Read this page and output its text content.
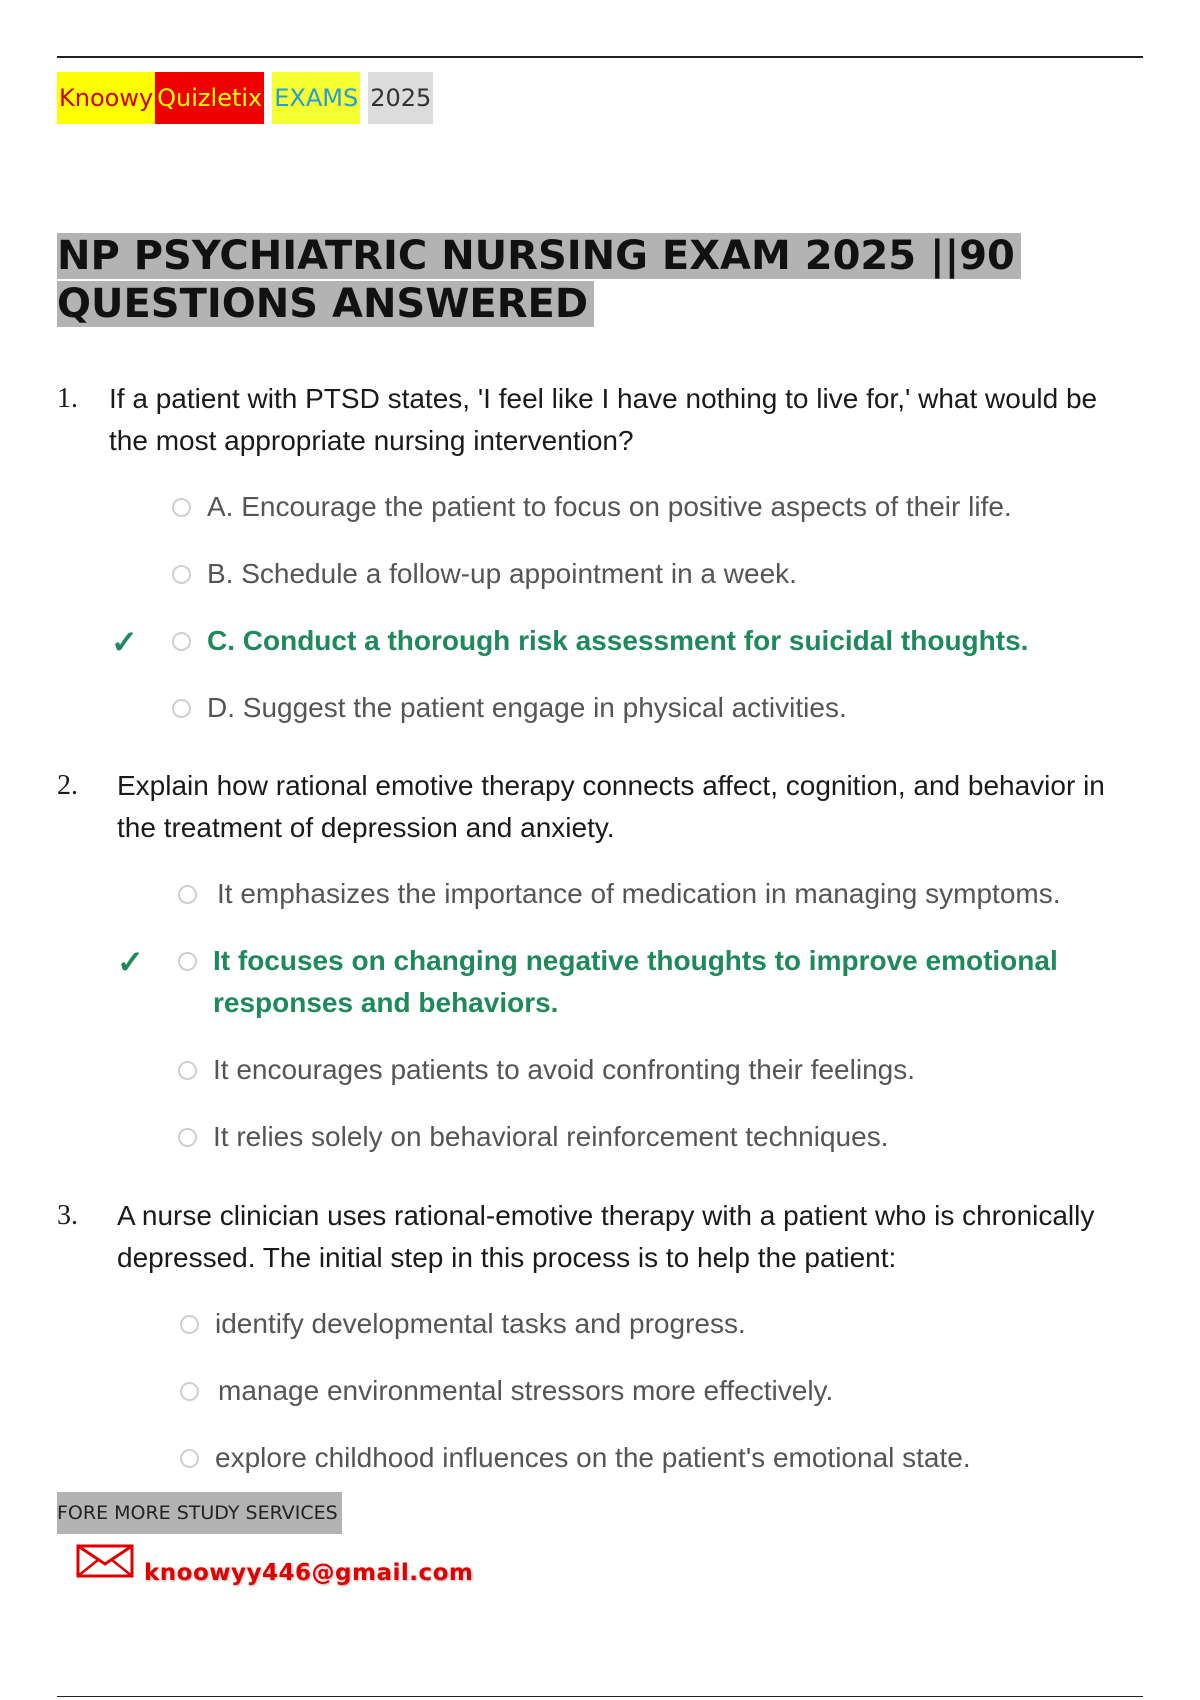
Knoowy Quizletix EXAMS 2025
NP PSYCHIATRIC NURSING EXAM 2025 ||90 QUESTIONS ANSWERED
1. If a patient with PTSD states, 'I feel like I have nothing to live for,' what would be the most appropriate nursing intervention?
A. Encourage the patient to focus on positive aspects of their life.
B. Schedule a follow-up appointment in a week.
✓ C. Conduct a thorough risk assessment for suicidal thoughts.
D. Suggest the patient engage in physical activities.
2. Explain how rational emotive therapy connects affect, cognition, and behavior in the treatment of depression and anxiety.
It emphasizes the importance of medication in managing symptoms.
✓ It focuses on changing negative thoughts to improve emotional responses and behaviors.
It encourages patients to avoid confronting their feelings.
It relies solely on behavioral reinforcement techniques.
3. A nurse clinician uses rational-emotive therapy with a patient who is chronically depressed. The initial step in this process is to help the patient:
identify developmental tasks and progress.
manage environmental stressors more effectively.
explore childhood influences on the patient's emotional state.
FORE MORE STUDY SERVICES
knoowyy446@gmail.com
